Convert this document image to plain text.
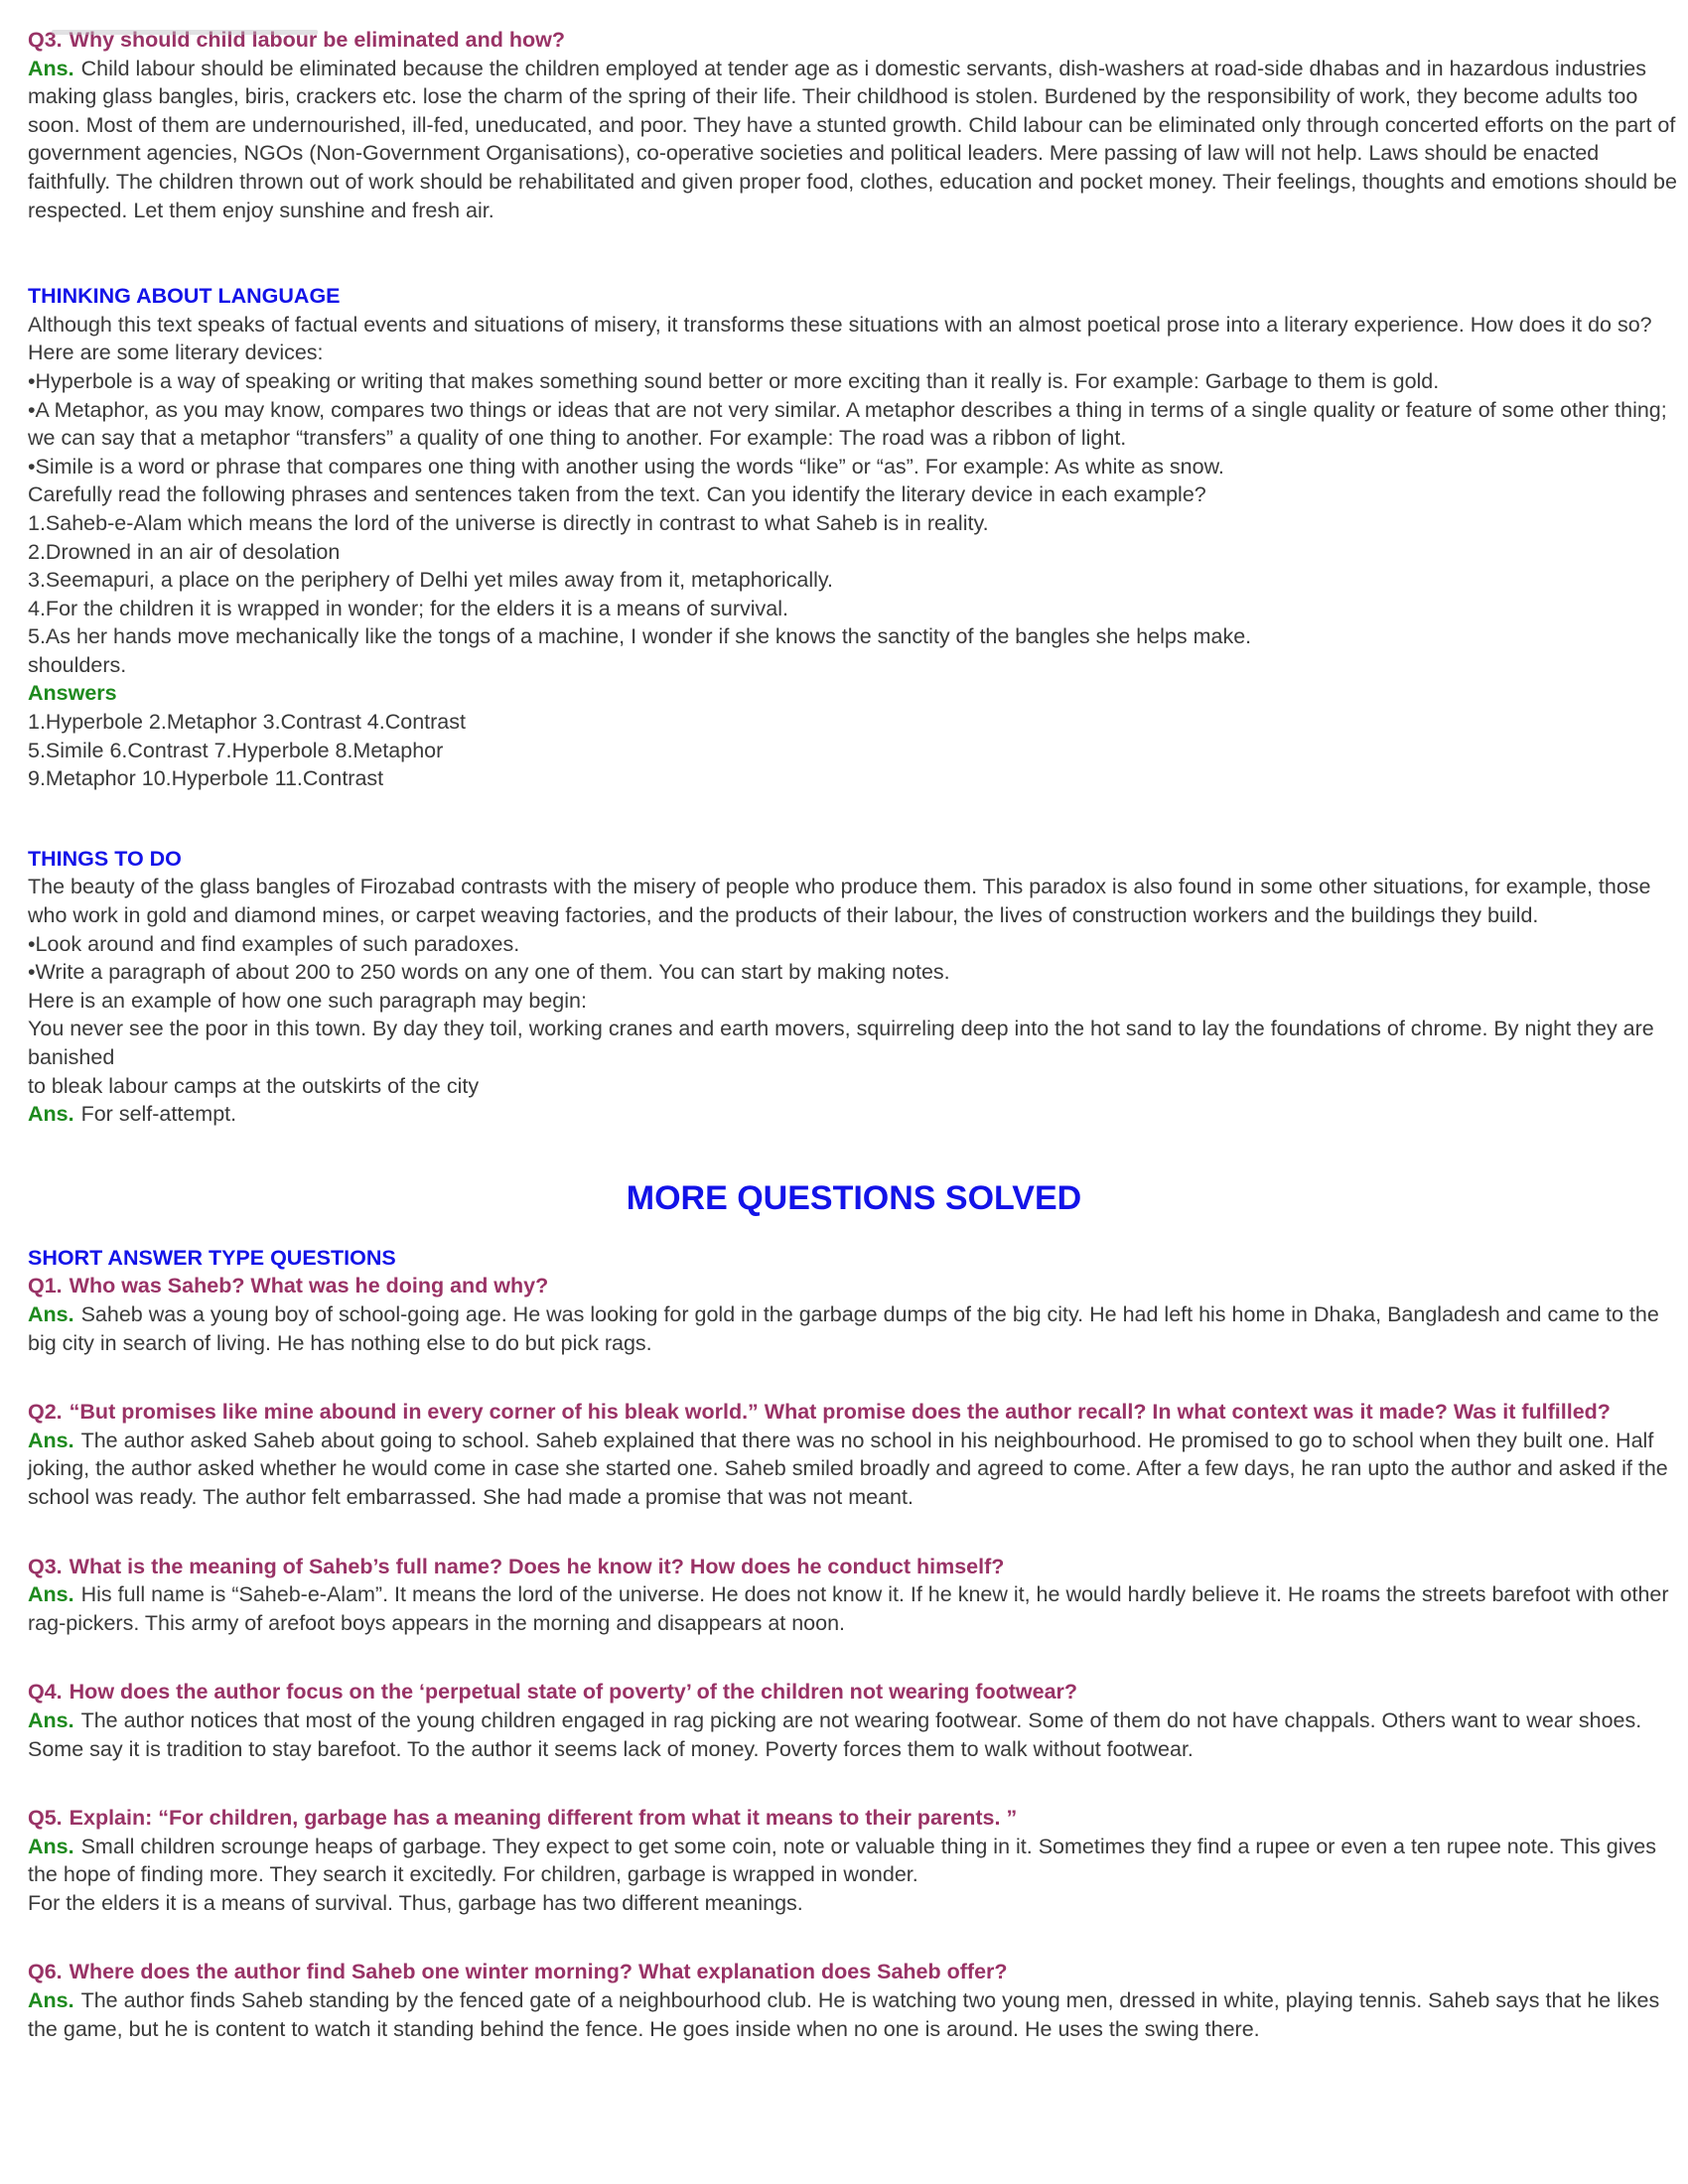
Q3. Why should child labour be eliminated and how?

Ans. Child labour should be eliminated because the children employed at tender age as i domestic servants, dish-washers at road-side dhabas and in hazardous industries making glass bangles, biris, crackers etc. lose the charm of the spring of their life. Their childhood is stolen. Burdened by the responsibility of work, they become adults too soon. Most of them are undernourished, ill-fed, uneducated, and poor. They have a stunted growth. Child labour can be eliminated only through concerted efforts on the part of government agencies, NGOs (Non-Government Organisations), co-operative societies and political leaders. Mere passing of law will not help. Laws should be enacted faithfully. The children thrown out of work should be rehabilitated and given proper food, clothes, education and pocket money. Their feelings, thoughts and emotions should be respected. Let them enjoy sunshine and fresh air.

THINKING ABOUT LANGUAGE

Although this text speaks of factual events and situations of misery, it transforms these situations with an almost poetical prose into a literary experience. How does it do so? Here are some literary devices:

•Hyperbole is a way of speaking or writing that makes something sound better or more exciting than it really is. For example: Garbage to them is gold.

•A Metaphor, as you may know, compares two things or ideas that are not very similar. A metaphor describes a thing in terms of a single quality or feature of some other thing; we can say that a metaphor “transfers” a quality of one thing to another. For example: The road was a ribbon of light.

•Simile is a word or phrase that compares one thing with another using the words “like” or “as”. For example: As white as snow.

Carefully read the following phrases and sentences taken from the text. Can you identify the literary device in each example?

1.Saheb-e-Alam which means the lord of the universe is directly in contrast to what Saheb is in reality.

2.Drowned in an air of desolation

3.Seemapuri, a place on the periphery of Delhi yet miles away from it, metaphorically.

4.For the children it is wrapped in wonder; for the elders it is a means of survival.

5.As her hands move mechanically like the tongs of a machine, I wonder if she knows the sanctity of the bangles she helps make.

shoulders.

Answers

1.Hyperbole 2.Metaphor 3.Contrast 4.Contrast

5.Simile 6.Contrast 7.Hyperbole 8.Metaphor

9.Metaphor 10.Hyperbole 11.Contrast

THINGS TO DO

The beauty of the glass bangles of Firozabad contrasts with the misery of people who produce them. This paradox is also found in some other situations, for example, those who work in gold and diamond mines, or carpet weaving factories, and the products of their labour, the lives of construction workers and the buildings they build.

•Look around and find examples of such paradoxes.

•Write a paragraph of about 200 to 250 words on any one of them. You can start by making notes.

Here is an example of how one such paragraph may begin:

You never see the poor in this town. By day they toil, working cranes and earth movers, squirreling deep into the hot sand to lay the foundations of chrome. By night they are banished

to bleak labour camps at the outskirts of the city

Ans. For self-attempt.

MORE QUESTIONS SOLVED
SHORT ANSWER TYPE QUESTIONS

Q1. Who was Saheb? What was he doing and why?

Ans. Saheb was a young boy of school-going age. He was looking for gold in the garbage dumps of the big city. He had left his home in Dhaka, Bangladesh and came to the big city in search of living. He has nothing else to do but pick rags.

Q2. “But promises like mine abound in every corner of his bleak world.” What promise does the author recall? In what context was it made? Was it fulfilled?

Ans. The author asked Saheb about going to school. Saheb explained that there was no school in his neighbourhood. He promised to go to school when they built one. Half joking, the author asked whether he would come in case she started one. Saheb smiled broadly and agreed to come. After a few days, he ran upto the author and asked if the school was ready. The author felt embarrassed. She had made a promise that was not meant.

Q3. What is the meaning of Saheb’s full name? Does he know it? How does he conduct himself?

Ans. His full name is “Saheb-e-Alam”. It means the lord of the universe. He does not know it. If he knew it, he would hardly believe it. He roams the streets barefoot with other rag-pickers. This army of arefoot boys appears in the morning and disappears at noon.

Q4. How does the author focus on the ‘perpetual state of poverty’ of the children not wearing footwear?

Ans. The author notices that most of the young children engaged in rag picking are not wearing footwear. Some of them do not have chappals. Others want to wear shoes. Some say it is tradition to stay barefoot. To the author it seems lack of money. Poverty forces them to walk without footwear.

Q5. Explain: “For children, garbage has a meaning different from what it means to their parents. ”

Ans. Small children scrounge heaps of garbage. They expect to get some coin, note or valuable thing in it. Sometimes they find a rupee or even a ten rupee note. This gives the hope of finding more. They search it excitedly. For children, garbage is wrapped in wonder.

For the elders it is a means of survival. Thus, garbage has two different meanings.

Q6. Where does the author find Saheb one winter morning? What explanation does Saheb offer?

Ans. The author finds Saheb standing by the fenced gate of a neighbourhood club. He is watching two young men, dressed in white, playing tennis. Saheb says that he likes the game, but he is content to watch it standing behind the fence. He goes inside when no one is around. He uses the swing there.
